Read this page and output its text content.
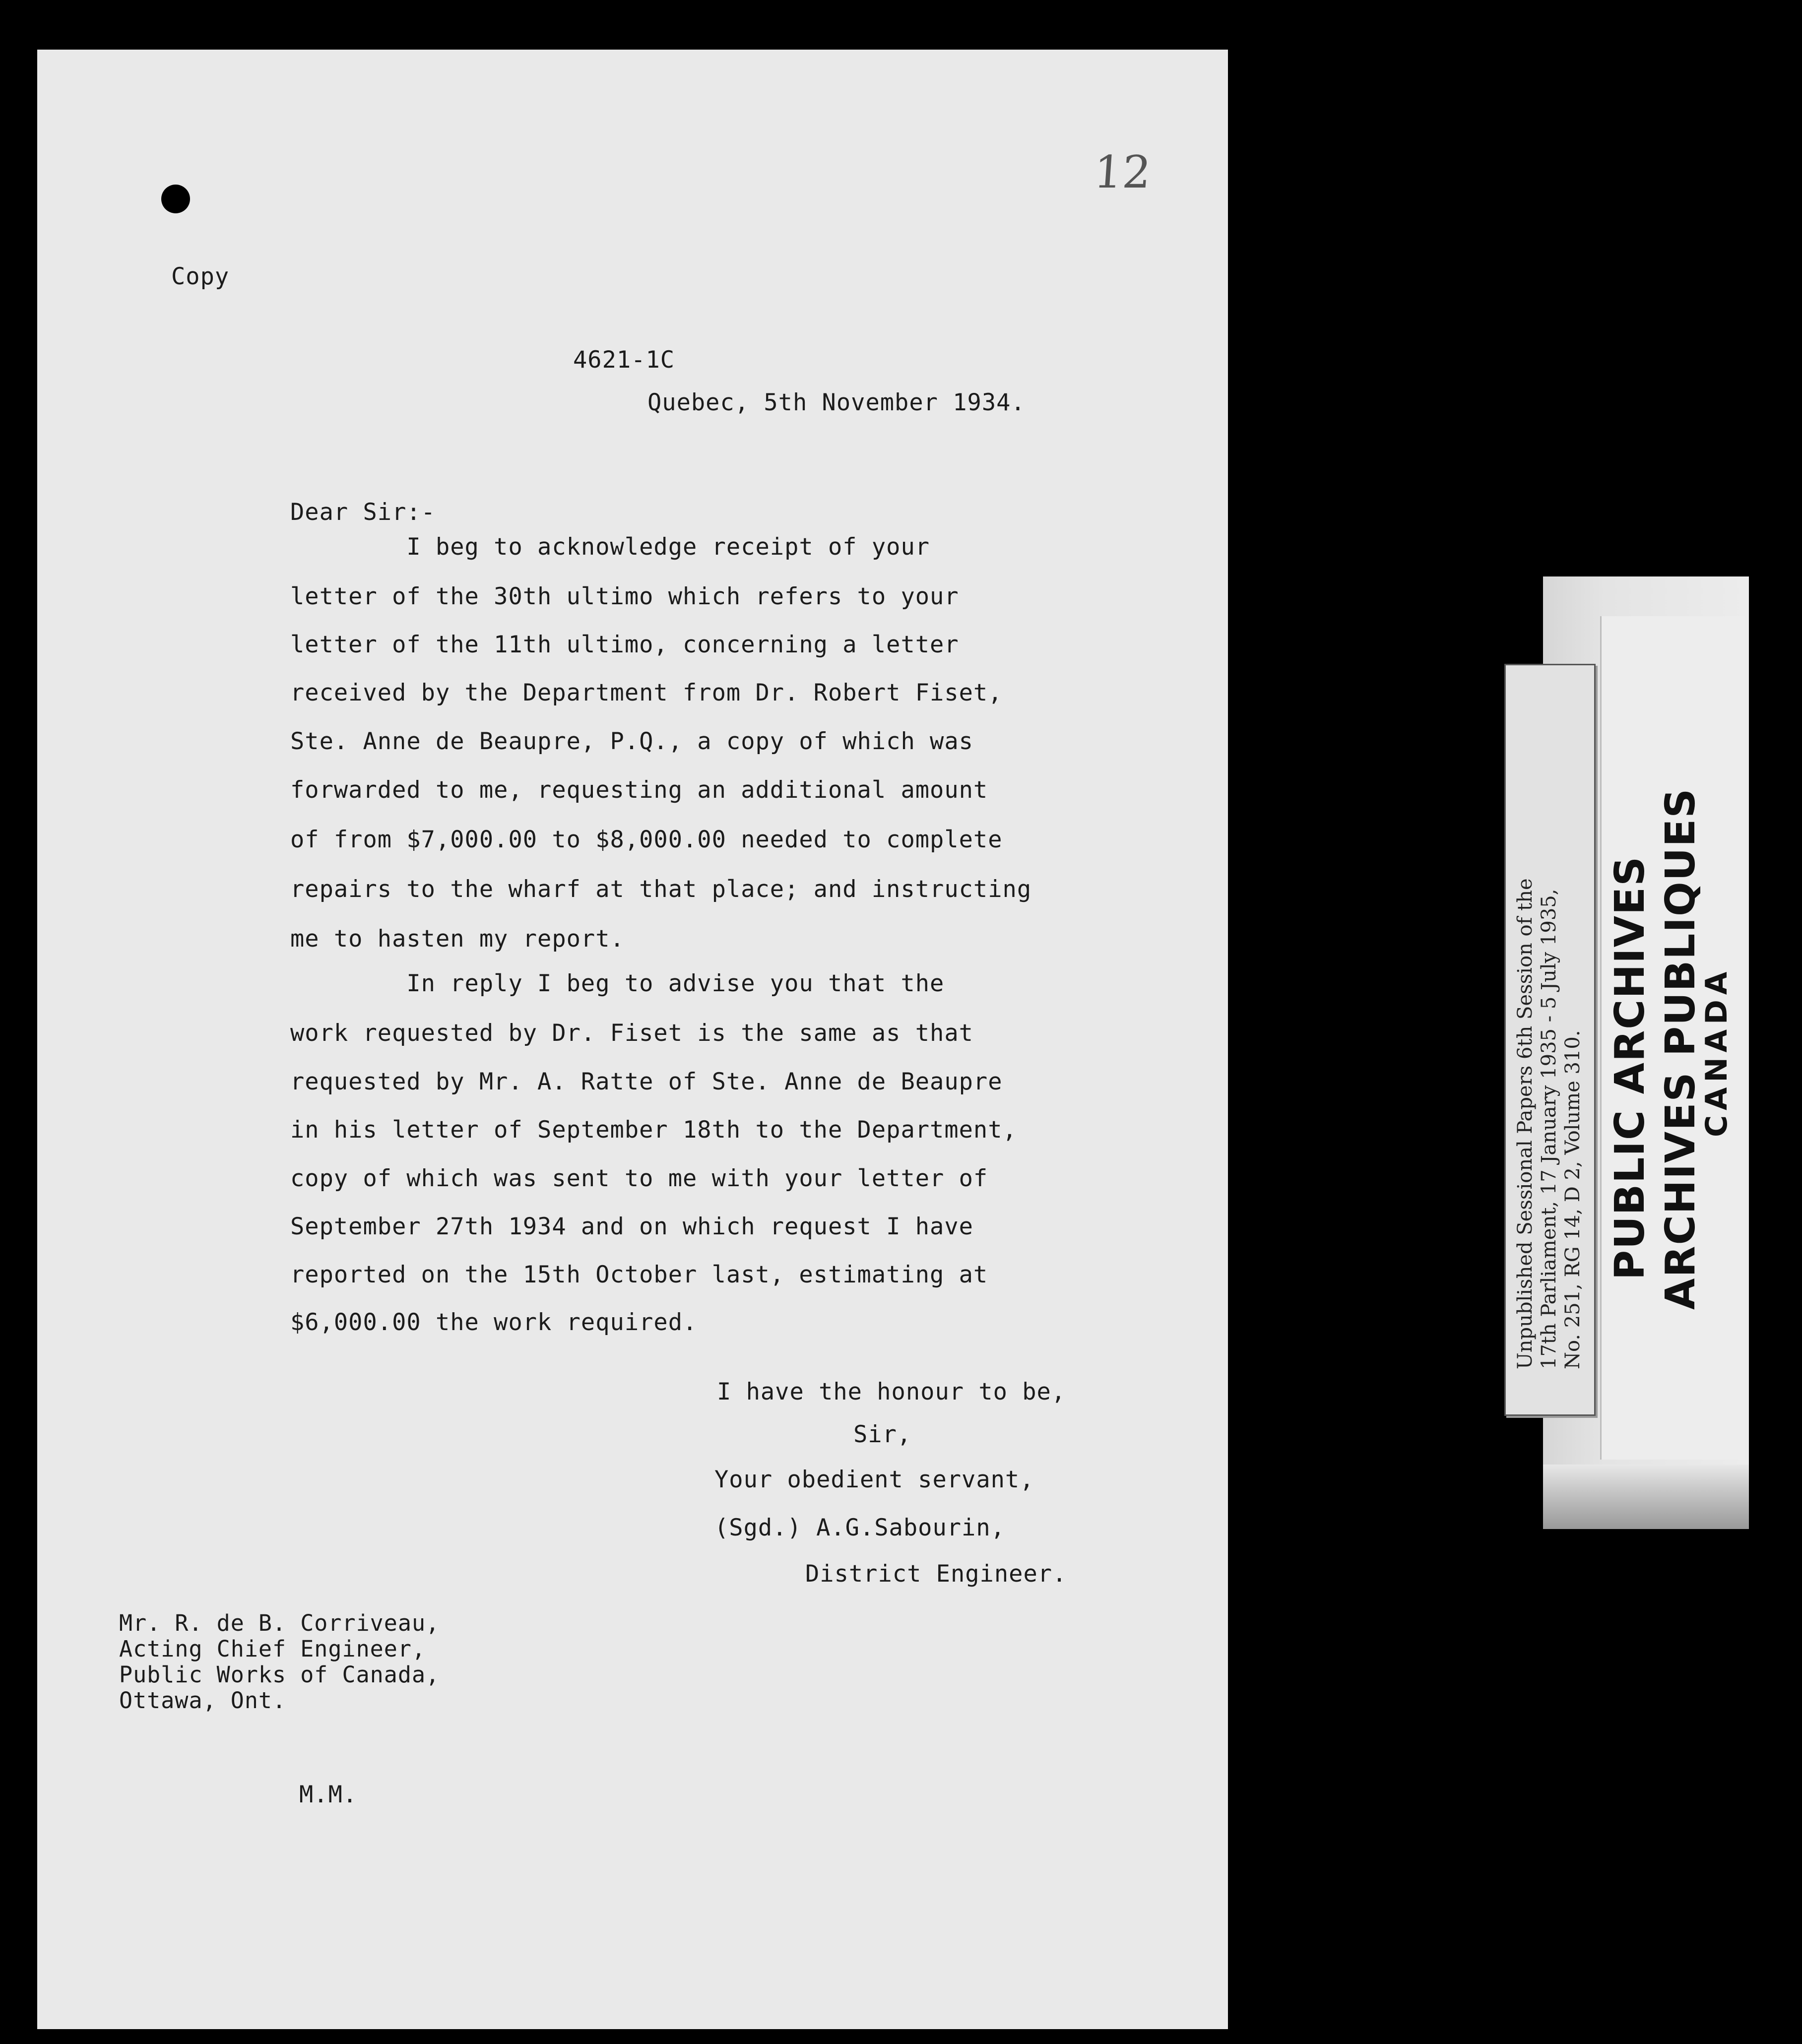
12
Copy
4621-1C
Quebec, 5th November 1934.
Dear Sir:-
I beg to acknowledge receipt of your
letter of the 30th ultimo which refers to your
letter of the 11th ultimo, concerning a letter
received by the Department from Dr. Robert Fiset,
Ste. Anne de Beaupre, P.Q., a copy of which was
forwarded to me, requesting an additional amount
of from $7,000.00 to $8,000.00 needed to complete
repairs to the wharf at that place; and instructing
me to hasten my report.
In reply I beg to advise you that the
work requested by Dr. Fiset is the same as that
requested by Mr. A. Ratte of Ste. Anne de Beaupre
in his letter of September 18th to the Department,
copy of which was sent to me with your letter of
September 27th 1934 and on which request I have
reported on the 15th October last, estimating at
$6,000.00 the work required.
I have the honour to be,
Sir,
Your obedient servant,
(Sgd.) A.G.Sabourin,
District Engineer.
Mr. R. de B. Corriveau,
Acting Chief Engineer,
Public Works of Canada,
Ottawa, Ont.
M.M.
Unpublished Sessional Papers 6th Session of the 17th Parliament, 17 January 1935 - 5 July 1935, No. 251, RG 14, D 2, Volume 310. PUBLIC ARCHIVES ARCHIVES PUBLIQUES
CANADA
